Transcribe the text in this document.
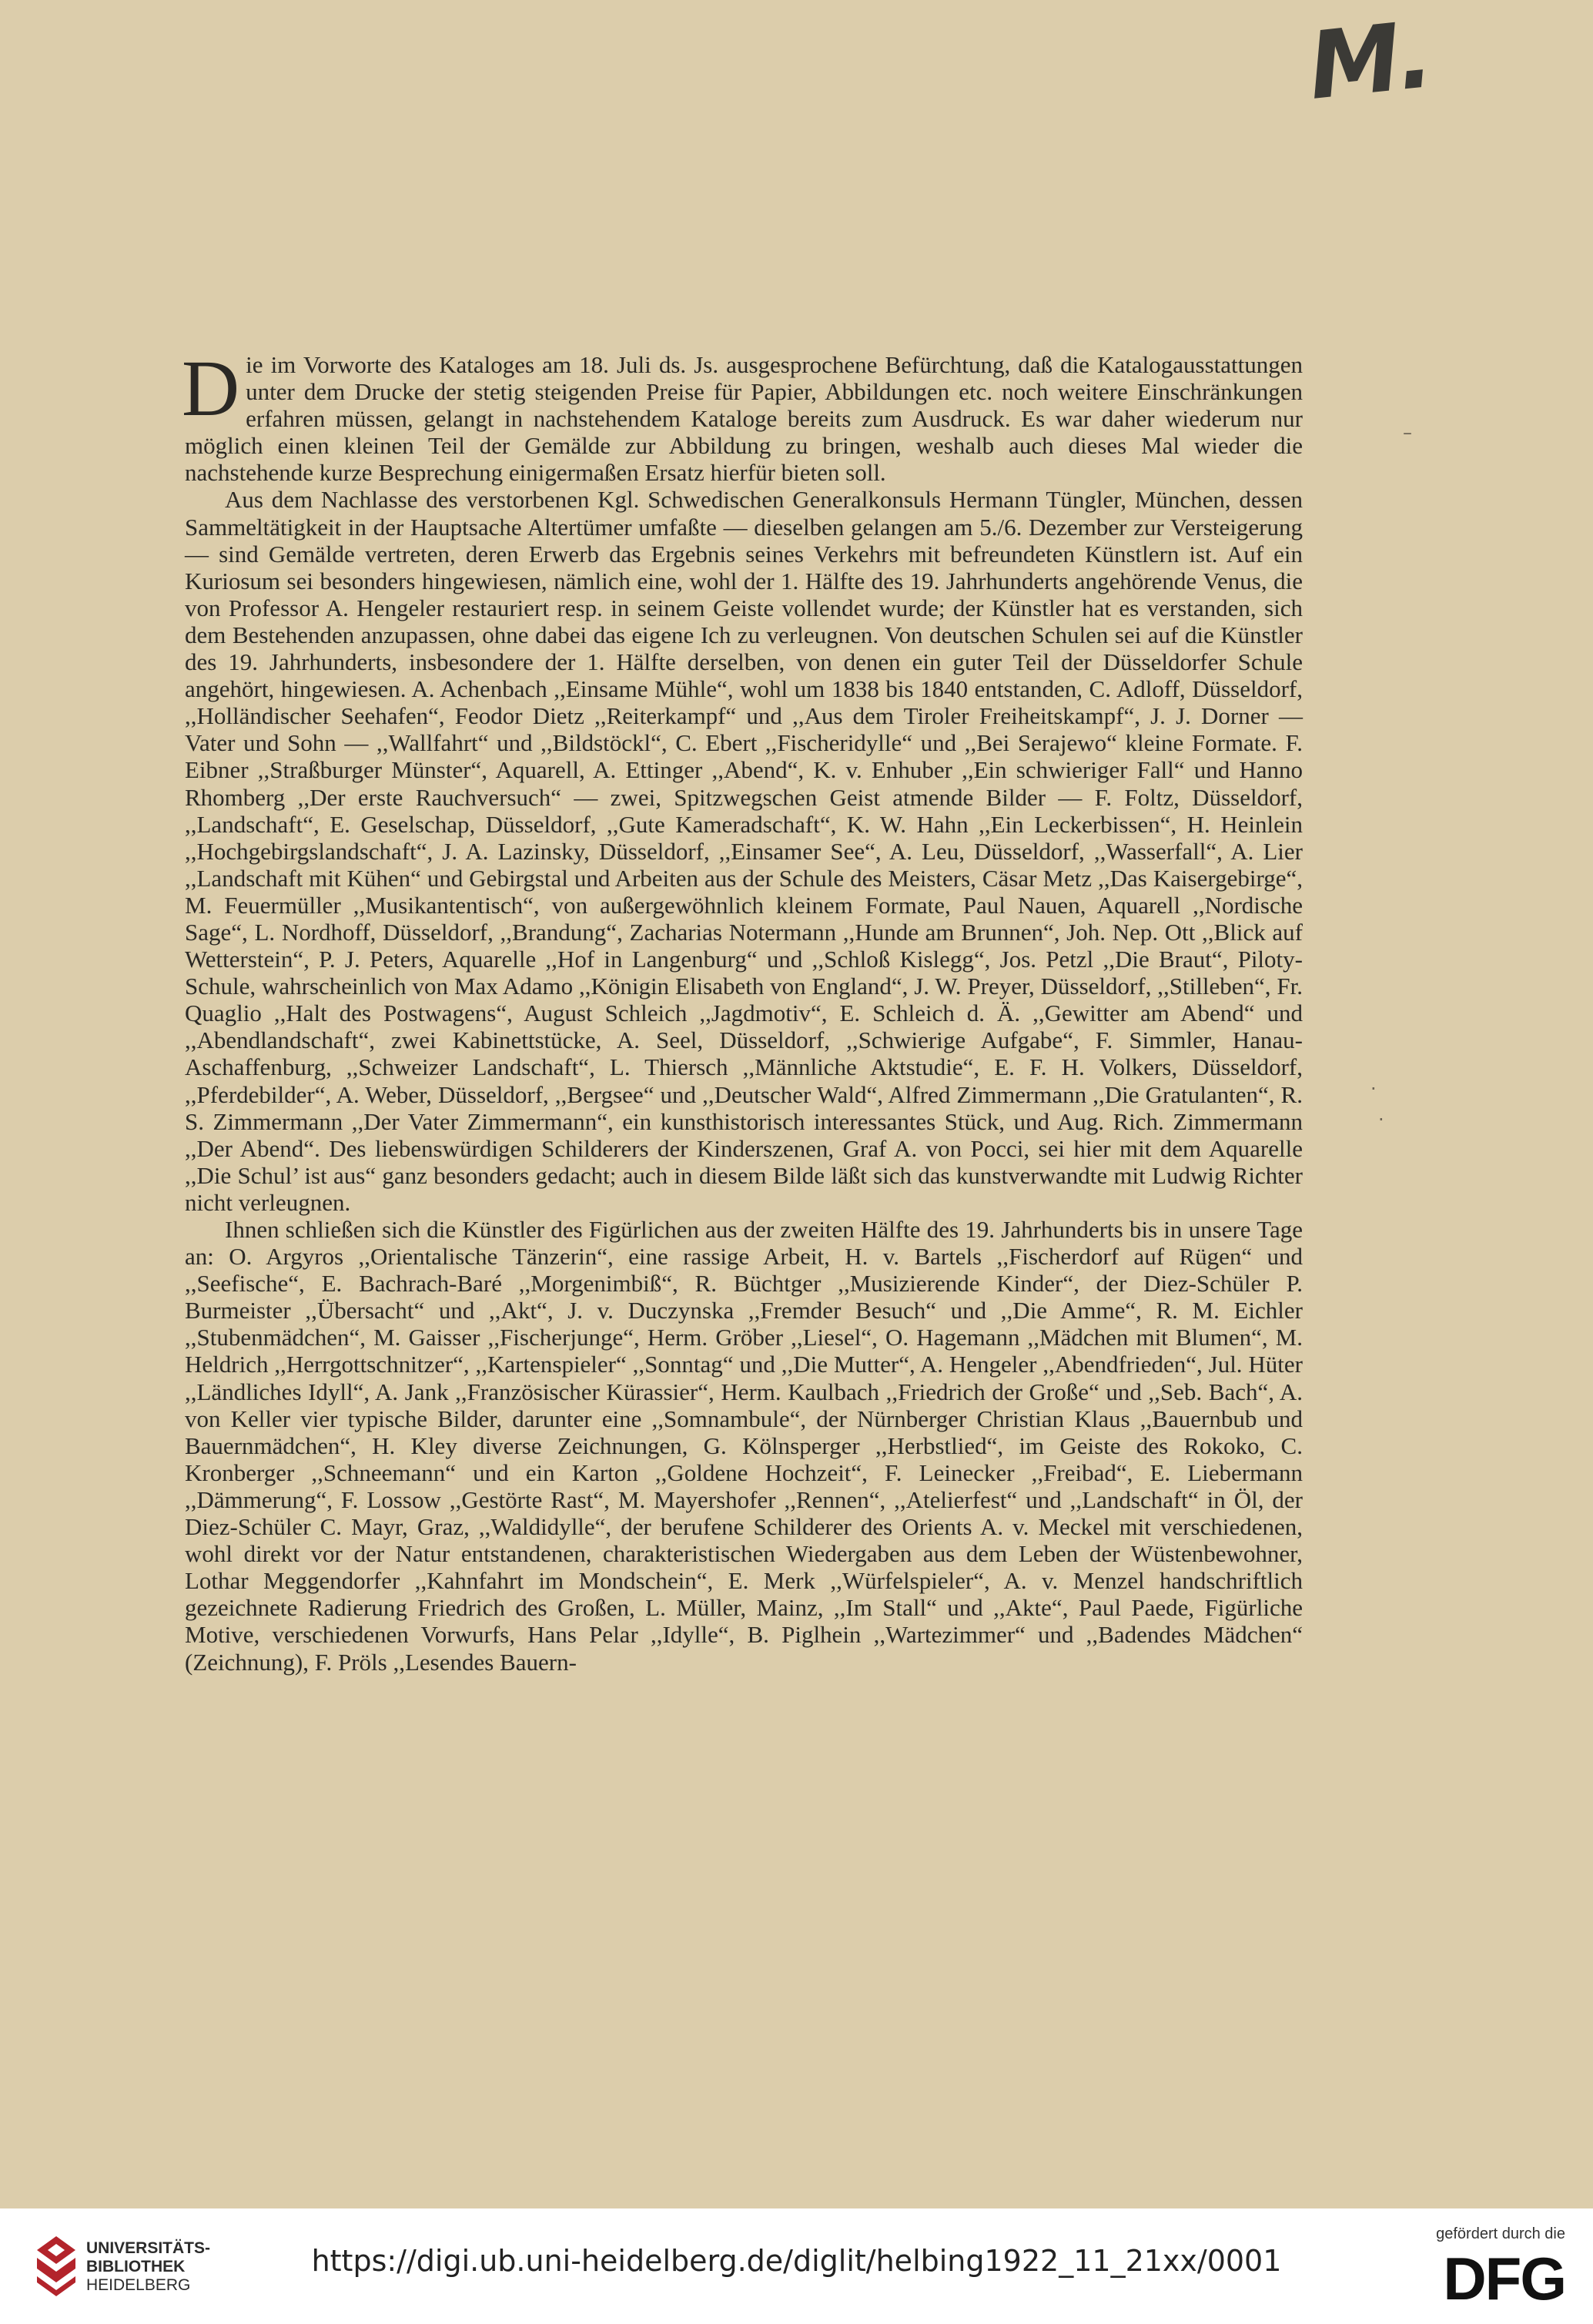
M.
–
·
·

Die im Vorworte des Kataloges am 18. Juli ds. Js. ausgesprochene Befürchtung, daß die Katalogausstattungen unter dem Drucke der stetig steigenden Preise für Papier, Abbildungen etc. noch weitere Einschränkungen erfahren müssen, gelangt in nachstehendem Kataloge bereits zum Ausdruck. Es war daher wiederum nur möglich einen kleinen Teil der Gemälde zur Abbildung zu bringen, weshalb auch dieses Mal wieder die nachstehende kurze Besprechung einigermaßen Ersatz hierfür bieten soll.

Aus dem Nachlasse des verstorbenen Kgl. Schwedischen Generalkonsuls Hermann Tüngler, München, dessen Sammeltätigkeit in der Hauptsache Altertümer umfaßte — dieselben gelangen am 5./6. Dezember zur Versteigerung — sind Gemälde vertreten, deren Erwerb das Ergebnis seines Verkehrs mit befreundeten Künstlern ist. Auf ein Kuriosum sei besonders hingewiesen, nämlich eine, wohl der 1. Hälfte des 19. Jahrhunderts angehörende Venus, die von Professor A. Hengeler restauriert resp. in seinem Geiste vollendet wurde; der Künstler hat es verstanden, sich dem Bestehenden anzupassen, ohne dabei das eigene Ich zu verleugnen. Von deutschen Schulen sei auf die Künstler des 19. Jahrhunderts, insbesondere der 1. Hälfte derselben, von denen ein guter Teil der Düsseldorfer Schule angehört, hingewiesen. A. Achenbach ,,Einsame Mühle“, wohl um 1838 bis 1840 entstanden, C. Adloff, Düsseldorf, ,,Holländischer Seehafen“, Feodor Dietz ,,Reiterkampf“ und ,,Aus dem Tiroler Freiheitskampf“, J. J. Dorner — Vater und Sohn — ,,Wallfahrt“ und ,,Bildstöckl“, C. Ebert ,,Fischeridylle“ und ,,Bei Serajewo“ kleine Formate. F. Eibner ,,Straßburger Münster“, Aquarell, A. Ettinger ,,Abend“, K. v. Enhuber ,,Ein schwieriger Fall“ und Hanno Rhomberg ,,Der erste Rauchversuch“ — zwei, Spitzwegschen Geist atmende Bilder — F. Foltz, Düsseldorf, ,,Landschaft“, E. Geselschap, Düsseldorf, ,,Gute Kameradschaft“, K. W. Hahn ,,Ein Leckerbissen“, H. Heinlein ,,Hochgebirgslandschaft“, J. A. Lazinsky, Düsseldorf, ,,Einsamer See“, A. Leu, Düsseldorf, ,,Wasserfall“, A. Lier ,,Landschaft mit Kühen“ und Gebirgstal und Arbeiten aus der Schule des Meisters, Cäsar Metz ,,Das Kaisergebirge“, M. Feuermüller ,,Musikantentisch“, von außergewöhnlich kleinem Formate, Paul Nauen, Aquarell ,,Nordische Sage“, L. Nordhoff, Düsseldorf, ,,Brandung“, Zacharias Notermann ,,Hunde am Brunnen“, Joh. Nep. Ott ,,Blick auf Wetterstein“, P. J. Peters, Aquarelle ,,Hof in Langenburg“ und ,,Schloß Kislegg“, Jos. Petzl ,,Die Braut“, Piloty-Schule, wahrscheinlich von Max Adamo ,,Königin Elisabeth von England“, J. W. Preyer, Düsseldorf, ,,Stilleben“, Fr. Quaglio ,,Halt des Postwagens“, August Schleich ,,Jagdmotiv“, E. Schleich d. Ä. ,,Gewitter am Abend“ und ,,Abendlandschaft“, zwei Kabinettstücke, A. Seel, Düsseldorf, ,,Schwierige Aufgabe“, F. Simmler, Hanau-Aschaffenburg, ,,Schweizer Landschaft“, L. Thiersch ,,Männliche Aktstudie“, E. F. H. Volkers, Düsseldorf, ,,Pferdebilder“, A. Weber, Düsseldorf, ,,Bergsee“ und ,,Deutscher Wald“, Alfred Zimmermann ,,Die Gratulanten“, R. S. Zimmermann ,,Der Vater Zimmermann“, ein kunsthistorisch interessantes Stück, und Aug. Rich. Zimmermann ,,Der Abend“. Des liebenswürdigen Schilderers der Kinderszenen, Graf A. von Pocci, sei hier mit dem Aquarelle ,,Die Schul’ ist aus“ ganz besonders gedacht; auch in diesem Bilde läßt sich das kunstverwandte mit Ludwig Richter nicht verleugnen.

Ihnen schließen sich die Künstler des Figürlichen aus der zweiten Hälfte des 19. Jahrhunderts bis in unsere Tage an: O. Argyros ,,Orientalische Tänzerin“, eine rassige Arbeit, H. v. Bartels ,,Fischerdorf auf Rügen“ und ,,Seefische“, E. Bachrach-Baré ,,Morgenimbiß“, R. Büchtger ,,Musizierende Kinder“, der Diez-Schüler P. Burmeister ,,Übersacht“ und ,,Akt“, J. v. Duczynska ,,Fremder Besuch“ und ,,Die Amme“, R. M. Eichler ,,Stubenmädchen“, M. Gaisser ,,Fischerjunge“, Herm. Gröber ,,Liesel“, O. Hagemann ,,Mädchen mit Blumen“, M. Heldrich ,,Herrgottschnitzer“, ,,Kartenspieler“ ,,Sonntag“ und ,,Die Mutter“, A. Hengeler ,,Abendfrieden“, Jul. Hüter ,,Ländliches Idyll“, A. Jank ,,Französischer Kürassier“, Herm. Kaulbach ,,Friedrich der Große“ und ,,Seb. Bach“, A. von Keller vier typische Bilder, darunter eine ,,Somnambule“, der Nürnberger Christian Klaus ,,Bauernbub und Bauernmädchen“, H. Kley diverse Zeichnungen, G. Kölnsperger ,,Herbstlied“, im Geiste des Rokoko, C. Kronberger ,,Schneemann“ und ein Karton ,,Goldene Hochzeit“, F. Leinecker ,,Freibad“, E. Liebermann ,,Dämmerung“, F. Lossow ,,Gestörte Rast“, M. Mayershofer ,,Rennen“, ,,Atelierfest“ und ,,Landschaft“ in Öl, der Diez-Schüler C. Mayr, Graz, ,,Waldidylle“, der berufene Schilderer des Orients A. v. Meckel mit verschiedenen, wohl direkt vor der Natur entstandenen, charakteristischen Wiedergaben aus dem Leben der Wüstenbewohner, Lothar Meggendorfer ,,Kahnfahrt im Mondschein“, E. Merk ,,Würfelspieler“, A. v. Menzel handschriftlich gezeichnete Radierung Friedrich des Großen, L. Müller, Mainz, ,,Im Stall“ und ,,Akte“, Paul Paede, Figürliche Motive, verschiedenen Vorwurfs, Hans Pelar ,,Idylle“, B. Piglhein ,,Wartezimmer“ und ,,Badendes Mädchen“ (Zeichnung), F. Pröls ,,Lesendes Bauern-

UNIVERSITÄTS-
BIBLIOTHEK
HEIDELBERG
https://digi.ub.uni-heidelberg.de/diglit/helbing1922_11_21xx/0001
gefördert durch die
DFG
